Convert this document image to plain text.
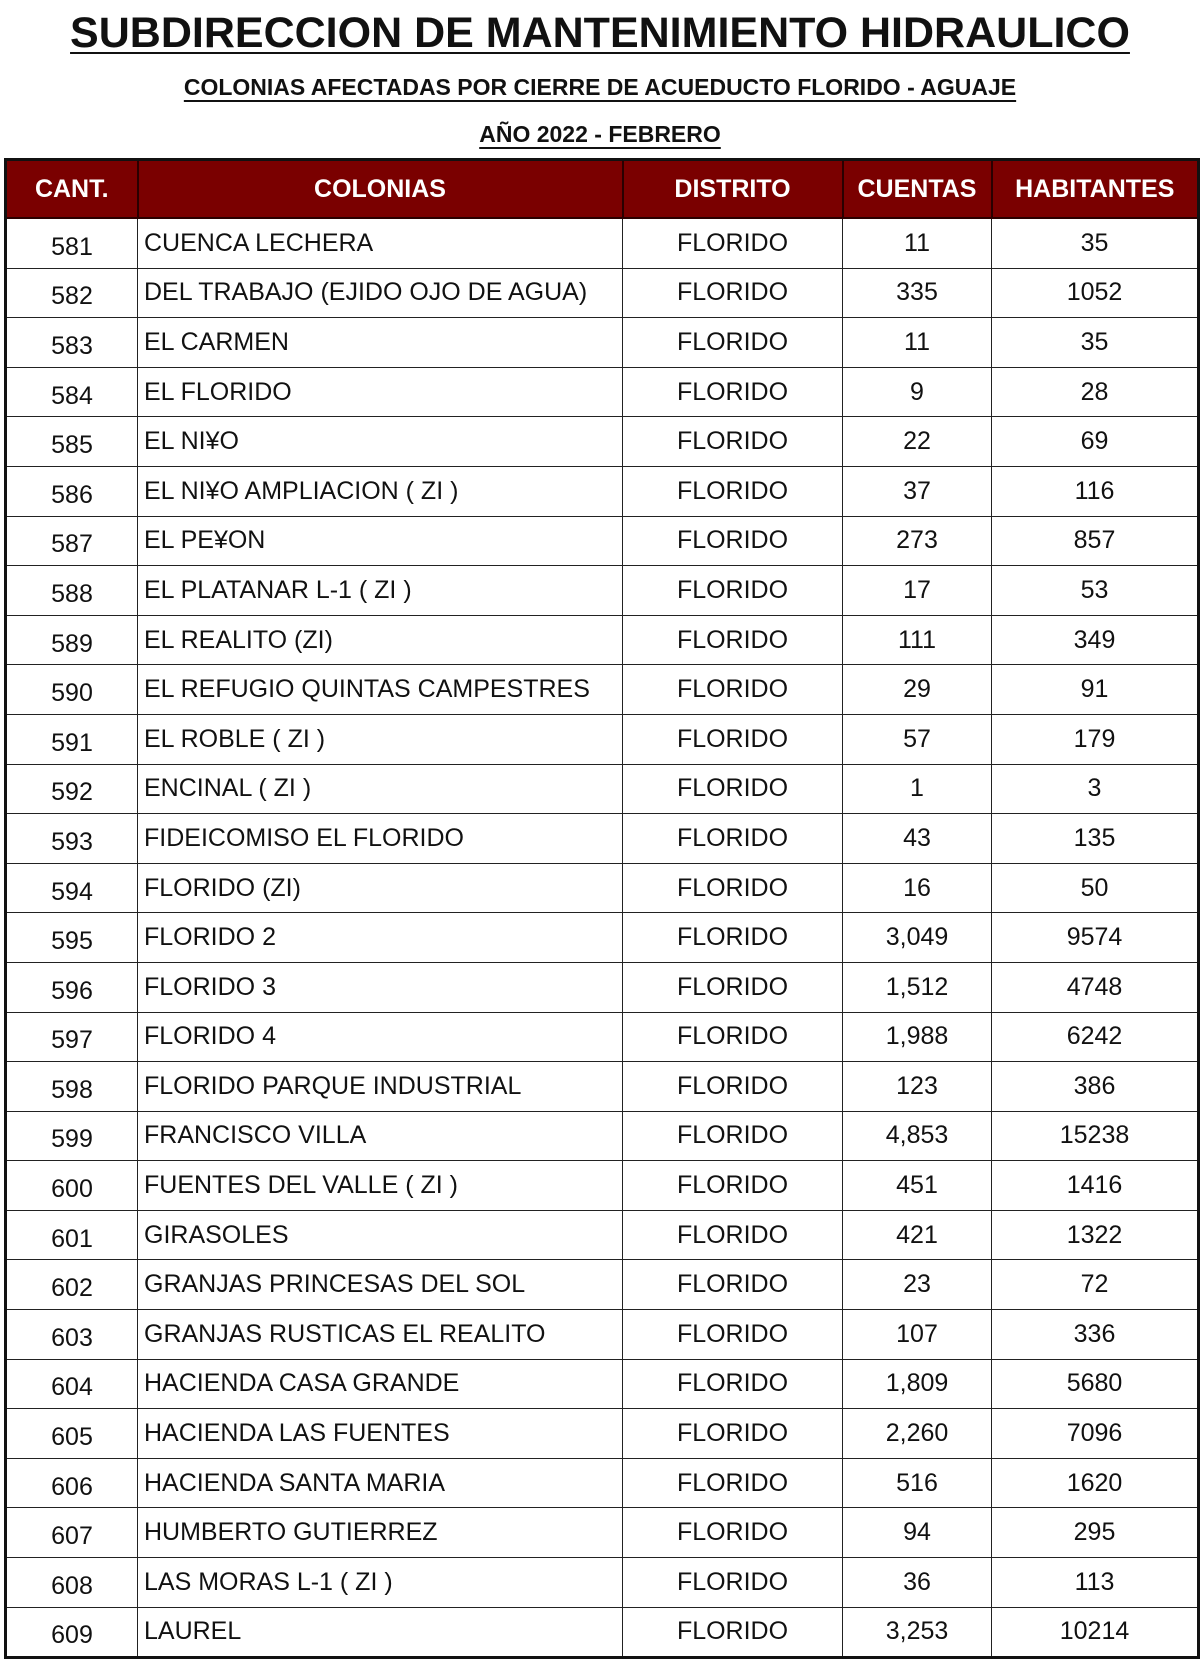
SUBDIRECCION DE MANTENIMIENTO HIDRAULICO
COLONIAS AFECTADAS POR CIERRE DE ACUEDUCTO FLORIDO - AGUAJE
AÑO 2022 - FEBRERO
CANT.	COLONIAS	DISTRITO	CUENTAS	HABITANTES
581	CUENCA LECHERA	FLORIDO	11	35
582	DEL TRABAJO (EJIDO OJO DE AGUA)	FLORIDO	335	1052
583	EL CARMEN	FLORIDO	11	35
584	EL FLORIDO	FLORIDO	9	28
585	EL NI¥O	FLORIDO	22	69
586	EL NI¥O AMPLIACION ( ZI )	FLORIDO	37	116
587	EL PE¥ON	FLORIDO	273	857
588	EL PLATANAR L-1 ( ZI )	FLORIDO	17	53
589	EL REALITO (ZI)	FLORIDO	111	349
590	EL REFUGIO QUINTAS CAMPESTRES	FLORIDO	29	91
591	EL ROBLE ( ZI )	FLORIDO	57	179
592	ENCINAL ( ZI )	FLORIDO	1	3
593	FIDEICOMISO EL FLORIDO	FLORIDO	43	135
594	FLORIDO (ZI)	FLORIDO	16	50
595	FLORIDO 2	FLORIDO	3,049	9574
596	FLORIDO 3	FLORIDO	1,512	4748
597	FLORIDO 4	FLORIDO	1,988	6242
598	FLORIDO PARQUE INDUSTRIAL	FLORIDO	123	386
599	FRANCISCO VILLA	FLORIDO	4,853	15238
600	FUENTES DEL VALLE ( ZI )	FLORIDO	451	1416
601	GIRASOLES	FLORIDO	421	1322
602	GRANJAS PRINCESAS DEL SOL	FLORIDO	23	72
603	GRANJAS RUSTICAS EL REALITO	FLORIDO	107	336
604	HACIENDA CASA GRANDE	FLORIDO	1,809	5680
605	HACIENDA LAS FUENTES	FLORIDO	2,260	7096
606	HACIENDA SANTA MARIA	FLORIDO	516	1620
607	HUMBERTO GUTIERREZ	FLORIDO	94	295
608	LAS MORAS L-1 ( ZI )	FLORIDO	36	113
609	LAUREL	FLORIDO	3,253	10214
